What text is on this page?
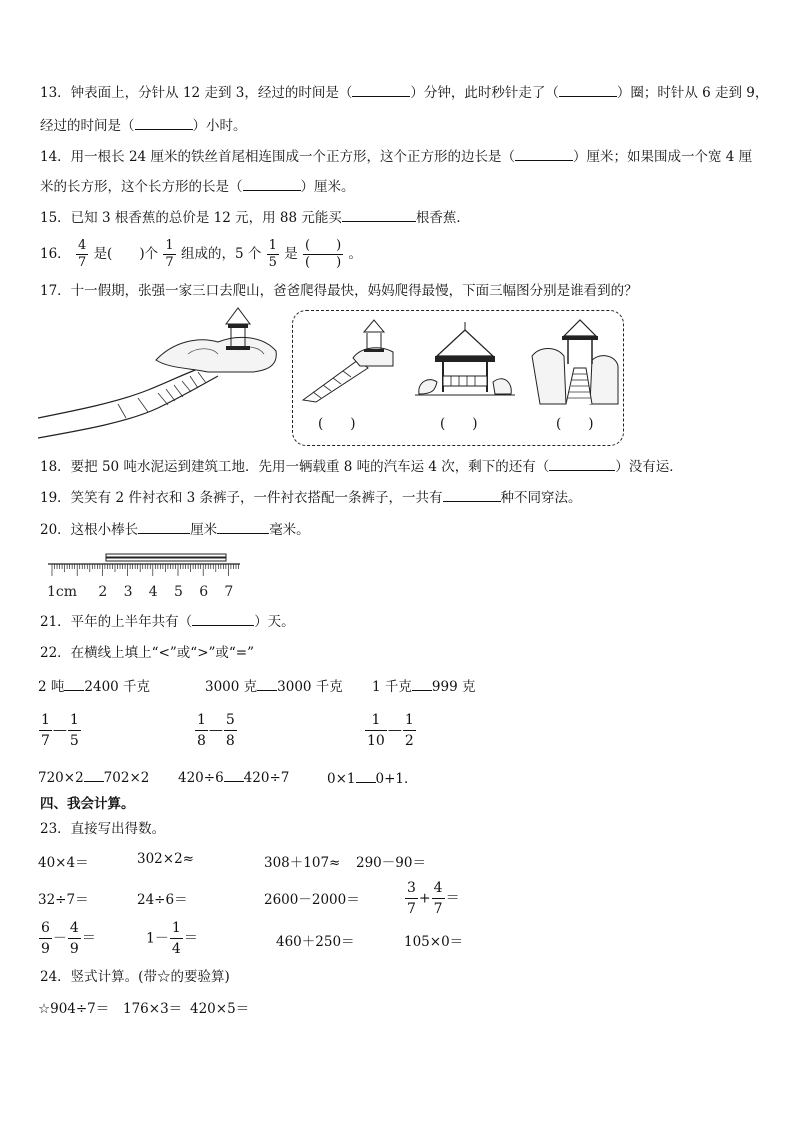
13．钟表面上，分针从 12 走到 3，经过的时间是（	）分钟，此时秒针走了（	）圈；时针从 6 走到 9，
经过的时间是（	）小时。
14．用一根长 24 厘米的铁丝首尾相连围成一个正方形，这个正方形的边长是（	）厘米；如果围成一个宽 4 厘
米的长方形，这个长方形的长是（	）厘米。
15．已知 3 根香蕉的总价是 12 元，用 88 元能买	根香蕉．
16． $\frac{4}{7}$ 是(　　)个 $\frac{1}{7}$ 组成的，5 个 $\frac{1}{5}$ 是 $\frac{( )}{( )}$ 。
17．十一假期，张强一家三口去爬山，爸爸爬得最快，妈妈爬得最慢，下面三幅图分别是谁看到的？
(　　)	(　　)	(　　)
18．要把 50 吨水泥运到建筑工地．先用一辆载重 8 吨的汽车运 4 次，剩下的还有（	）没有运．
19．笑笑有 2 件衬衣和 3 条裤子，一件衬衣搭配一条裤子，一共有	种不同穿法。
20．这根小棒长	厘米	毫米。
1cm 2 3 4 5 6 7
21．平年的上半年共有（	）天。
22．在横线上填上“<”或“>”或“=”
2 吨 2400 千克	3000 克 3000 千克 1 千克 999 克
$\frac{1}{7}$ — $\frac{1}{5}$	$\frac{1}{8}$ — $\frac{5}{8}$	$\frac{1}{10}$ — $\frac{1}{2}$
720×2 702×2 420÷6 420÷7	0×1 0+1．
四、我会计算。
23．直接写出得数。
40×4＝	302×2≈	308＋107≈ 290－90＝
32÷7＝	24÷6＝	2600－2000＝	$\frac{3}{7} + \frac{4}{7}$ ＝
$\frac{6}{9} - \frac{4}{9}$ ＝	$1- \frac{1}{4}$ ＝	460＋250＝	105×0＝
24．竖式计算。(带☆的要验算)
☆904÷7＝ 176×3＝ 420×5＝
